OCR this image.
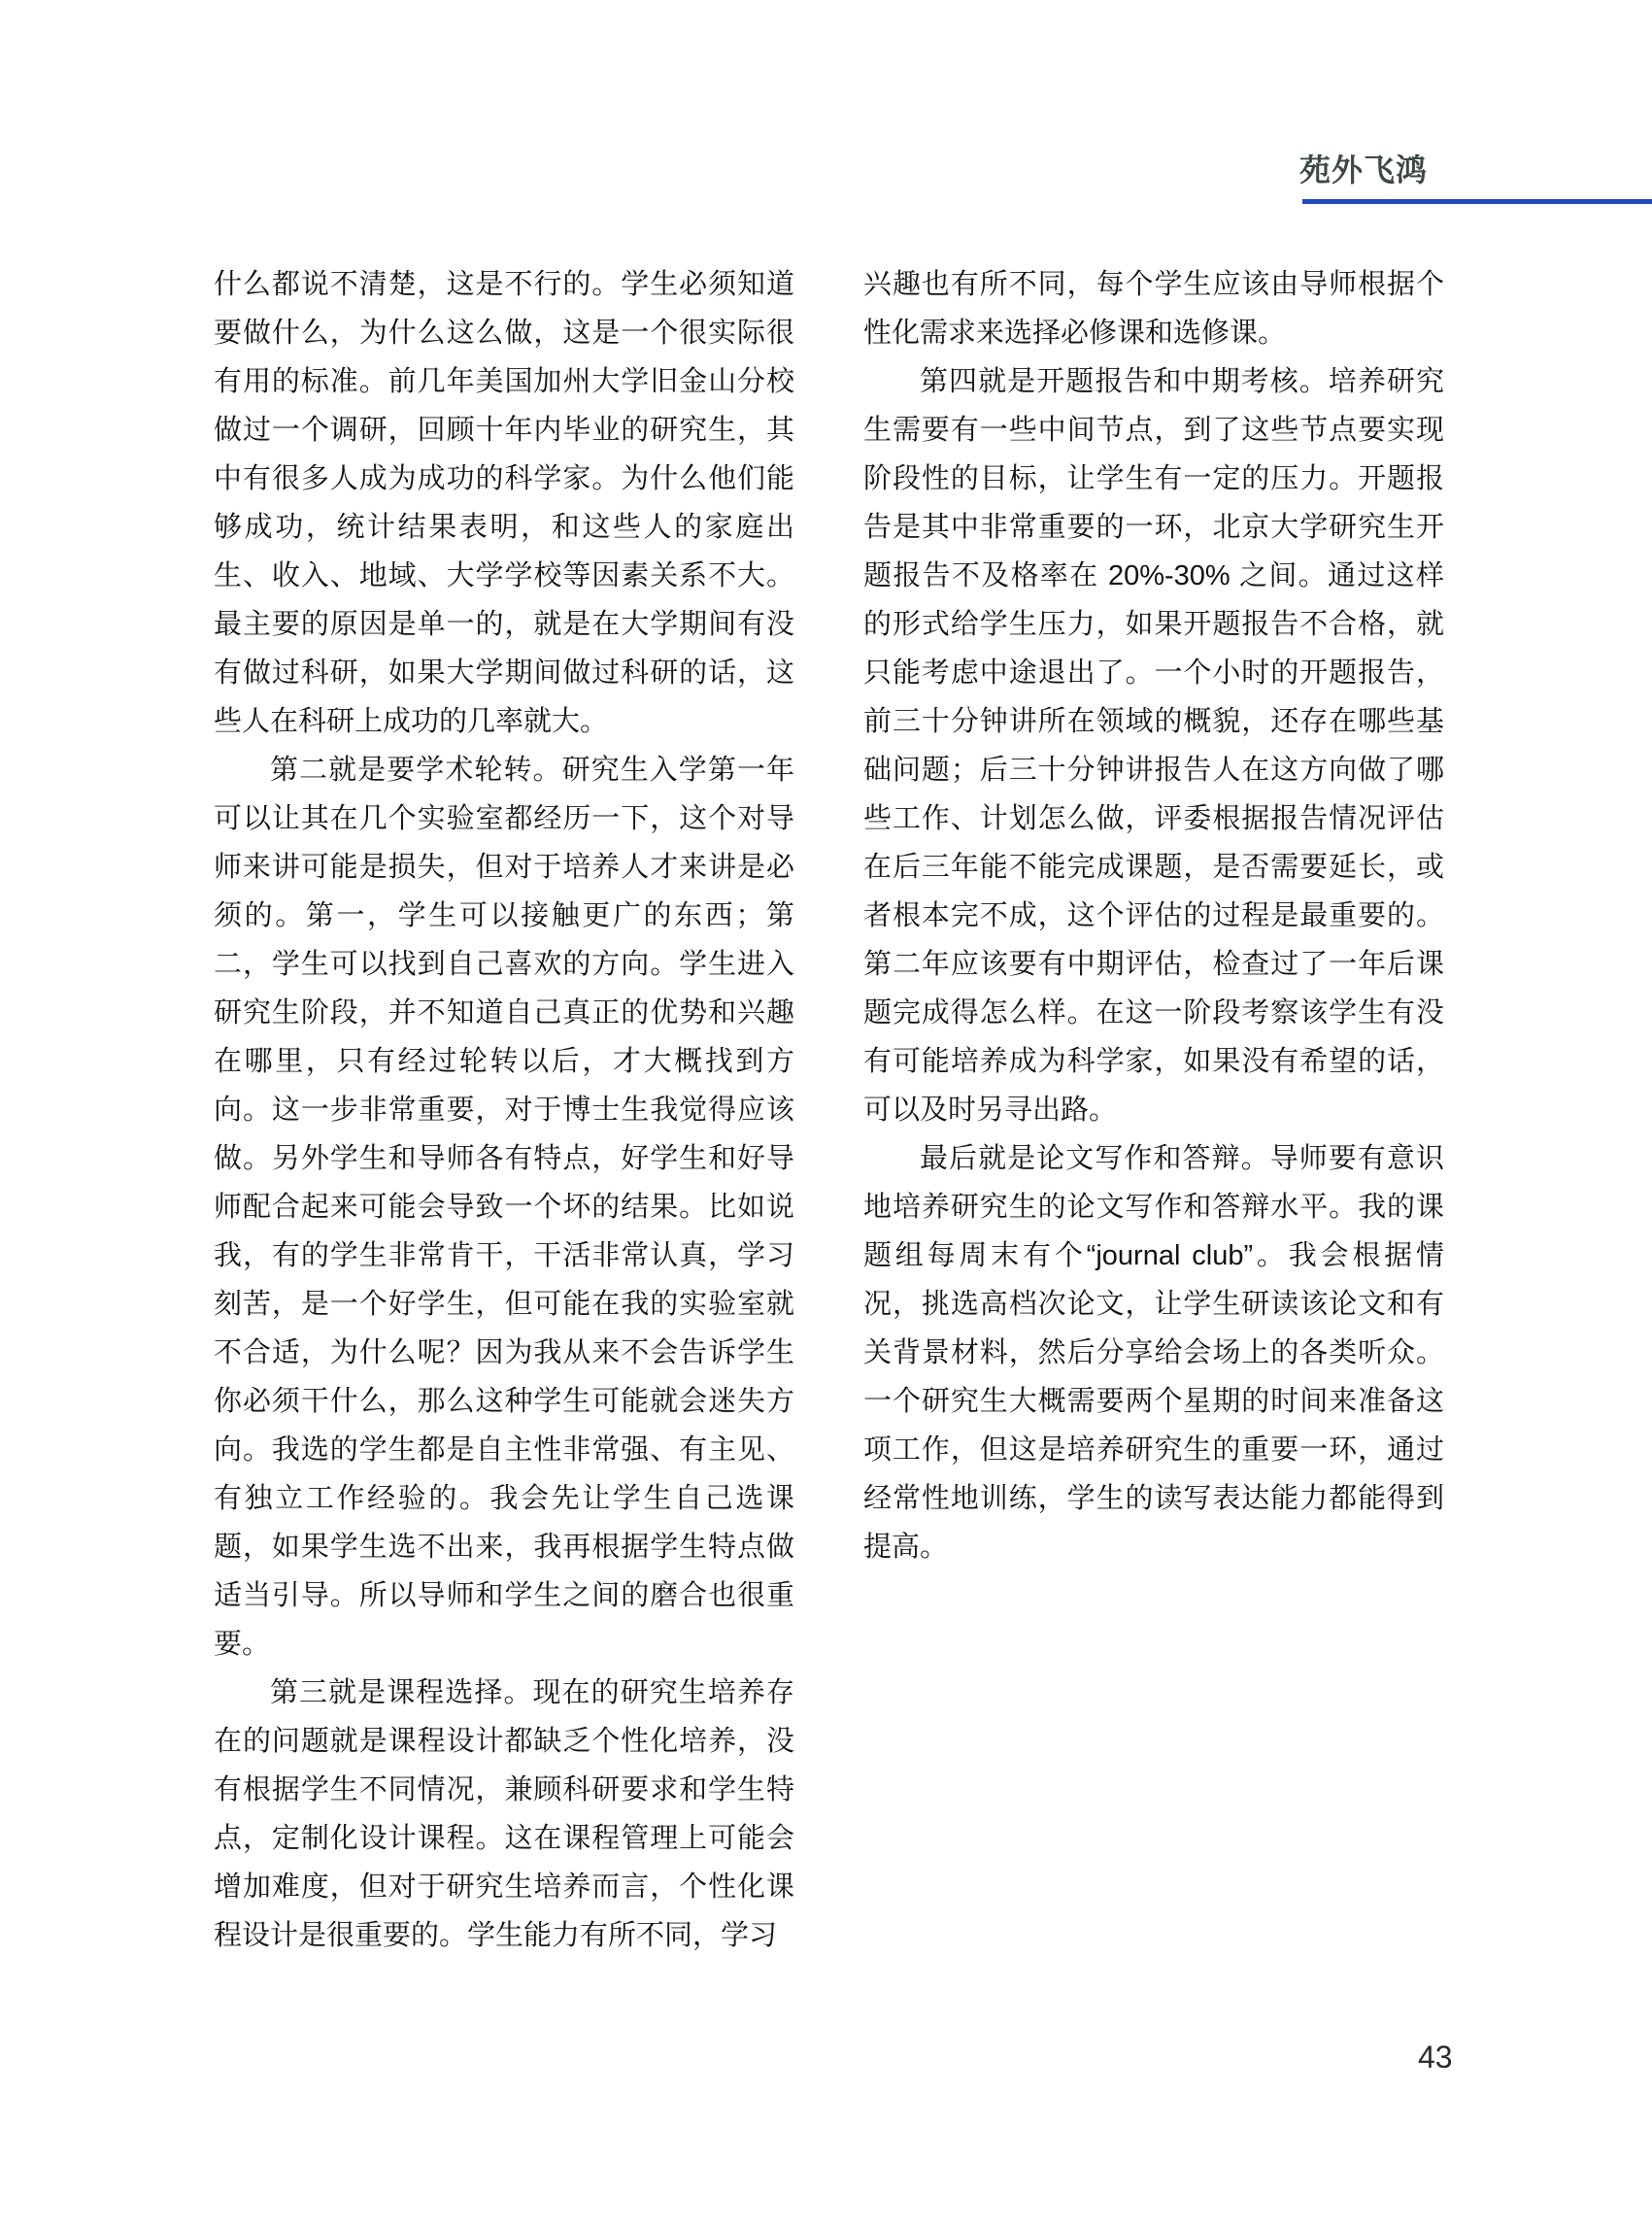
苑外飞鸿

什么都说不清楚，这是不行的。学生必须知道要做什么，为什么这么做，这是一个很实际很有用的标准。前几年美国加州大学旧金山分校做过一个调研，回顾十年内毕业的研究生，其中有很多人成为成功的科学家。为什么他们能够成功，统计结果表明，和这些人的家庭出生、收入、地域、大学学校等因素关系不大。最主要的原因是单一的，就是在大学期间有没有做过科研，如果大学期间做过科研的话，这些人在科研上成功的几率就大。

第二就是要学术轮转。研究生入学第一年可以让其在几个实验室都经历一下，这个对导师来讲可能是损失，但对于培养人才来讲是必须的。第一，学生可以接触更广的东西；第二，学生可以找到自己喜欢的方向。学生进入研究生阶段，并不知道自己真正的优势和兴趣在哪里，只有经过轮转以后，才大概找到方向。这一步非常重要，对于博士生我觉得应该做。另外学生和导师各有特点，好学生和好导师配合起来可能会导致一个坏的结果。比如说我，有的学生非常肯干，干活非常认真，学习刻苦，是一个好学生，但可能在我的实验室就不合适，为什么呢？因为我从来不会告诉学生你必须干什么，那么这种学生可能就会迷失方向。我选的学生都是自主性非常强、有主见、有独立工作经验的。我会先让学生自己选课题，如果学生选不出来，我再根据学生特点做适当引导。所以导师和学生之间的磨合也很重要。

第三就是课程选择。现在的研究生培养存在的问题就是课程设计都缺乏个性化培养，没有根据学生不同情况，兼顾科研要求和学生特点，定制化设计课程。这在课程管理上可能会增加难度，但对于研究生培养而言，个性化课程设计是很重要的。学生能力有所不同，学习

兴趣也有所不同，每个学生应该由导师根据个性化需求来选择必修课和选修课。

第四就是开题报告和中期考核。培养研究生需要有一些中间节点，到了这些节点要实现阶段性的目标，让学生有一定的压力。开题报告是其中非常重要的一环，北京大学研究生开题报告不及格率在 20%-30% 之间。通过这样的形式给学生压力，如果开题报告不合格，就只能考虑中途退出了。一个小时的开题报告，前三十分钟讲所在领域的概貌，还存在哪些基础问题；后三十分钟讲报告人在这方向做了哪些工作、计划怎么做，评委根据报告情况评估在后三年能不能完成课题，是否需要延长，或者根本完不成，这个评估的过程是最重要的。第二年应该要有中期评估，检查过了一年后课题完成得怎么样。在这一阶段考察该学生有没有可能培养成为科学家，如果没有希望的话，可以及时另寻出路。

最后就是论文写作和答辩。导师要有意识地培养研究生的论文写作和答辩水平。我的课题组每周末有个“journal club”。我会根据情况，挑选高档次论文，让学生研读该论文和有关背景材料，然后分享给会场上的各类听众。一个研究生大概需要两个星期的时间来准备这项工作，但这是培养研究生的重要一环，通过经常性地训练，学生的读写表达能力都能得到提高。

43
